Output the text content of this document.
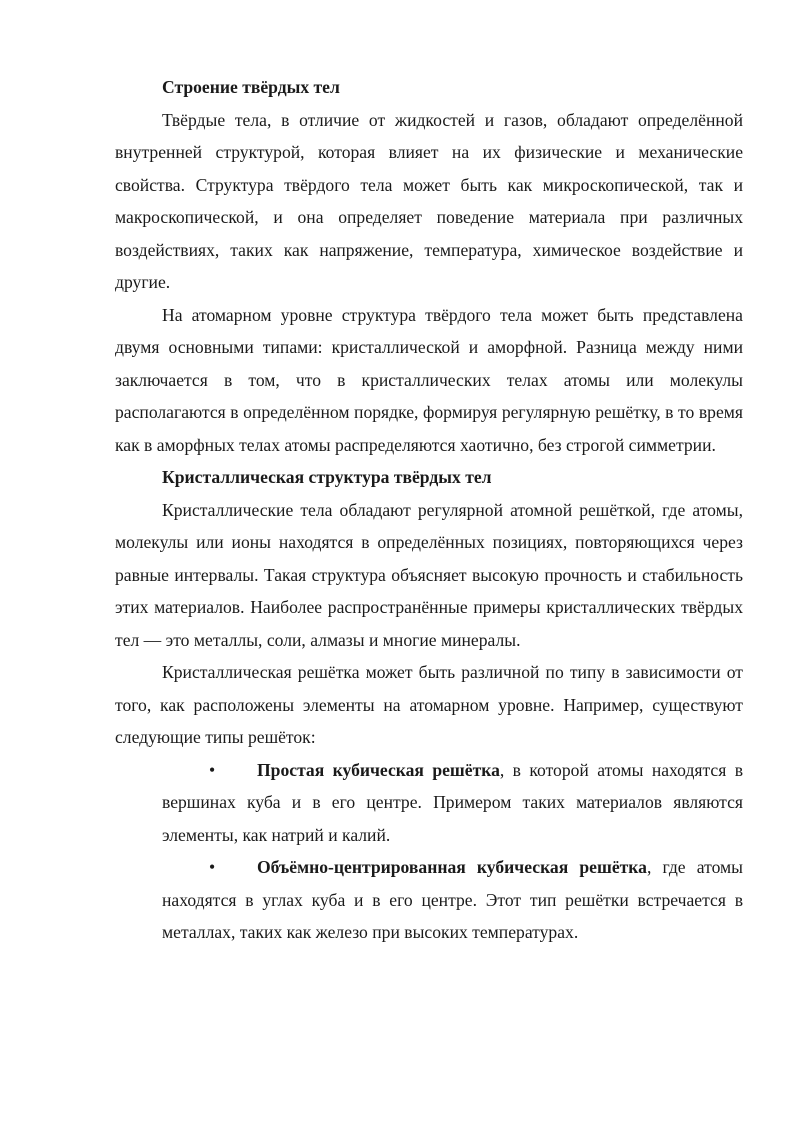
Строение твёрдых тел

Твёрдые тела, в отличие от жидкостей и газов, обладают определённой внутренней структурой, которая влияет на их физические и механические свойства. Структура твёрдого тела может быть как микроскопической, так и макроскопической, и она определяет поведение материала при различных воздействиях, таких как напряжение, температура, химическое воздействие и другие.

На атомарном уровне структура твёрдого тела может быть представлена двумя основными типами: кристаллической и аморфной. Разница между ними заключается в том, что в кристаллических телах атомы или молекулы располагаются в определённом порядке, формируя регулярную решётку, в то время как в аморфных телах атомы распределяются хаотично, без строгой симметрии.

Кристаллическая структура твёрдых тел

Кристаллические тела обладают регулярной атомной решёткой, где атомы, молекулы или ионы находятся в определённых позициях, повторяющихся через равные интервалы. Такая структура объясняет высокую прочность и стабильность этих материалов. Наиболее распространённые примеры кристаллических твёрдых тел — это металлы, соли, алмазы и многие минералы.

Кристаллическая решётка может быть различной по типу в зависимости от того, как расположены элементы на атомарном уровне. Например, существуют следующие типы решёток:

• Простая кубическая решётка, в которой атомы находятся в вершинах куба и в его центре. Примером таких материалов являются элементы, как натрий и калий.
• Объёмно-центрированная кубическая решётка, где атомы находятся в углах куба и в его центре. Этот тип решётки встречается в металлах, таких как железо при высоких температурах.
